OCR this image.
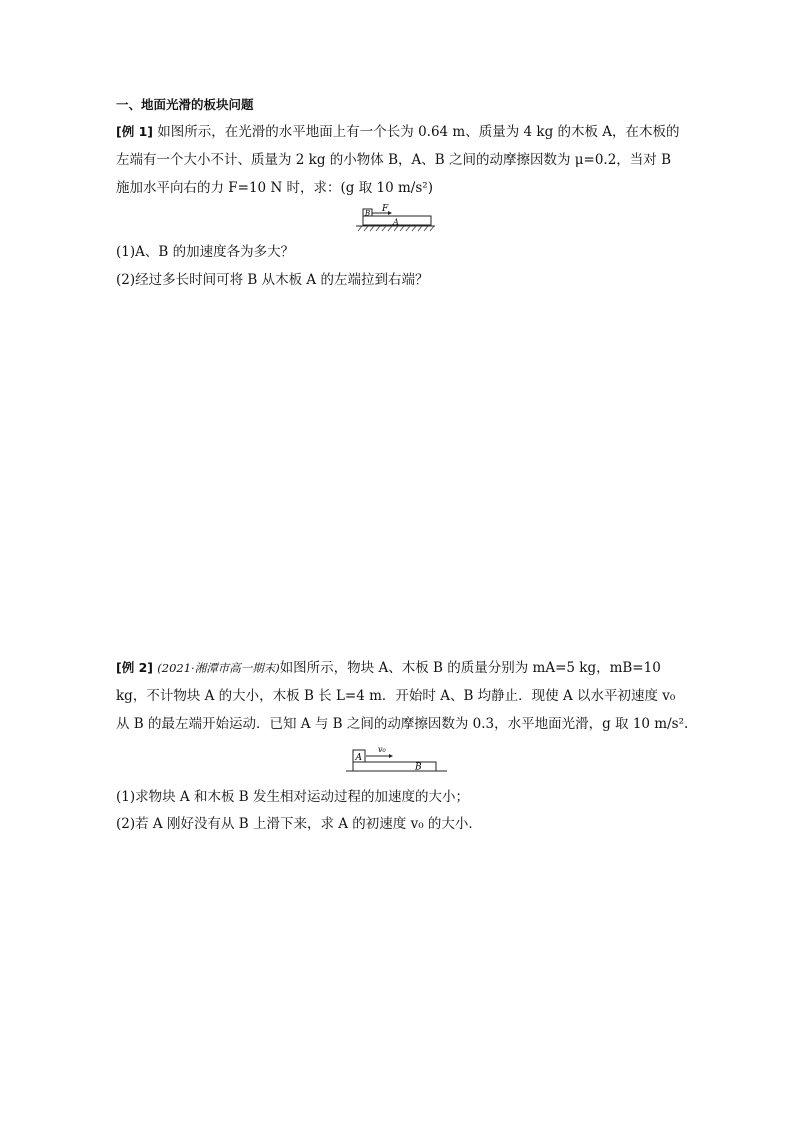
一、地面光滑的板块问题
[例 1] 如图所示，在光滑的水平地面上有一个长为 0.64 m、质量为 4 kg 的木板 A，在木板的
左端有一个大小不计、质量为 2 kg 的小物体 B，A、B 之间的动摩擦因数为 μ=0.2，当对 B
施加水平向右的力 F=10 N 时，求：(g 取 10 m/s²)
B F
A
(1)A、B 的加速度各为多大？
(2)经过多长时间可将 B 从木板 A 的左端拉到右端？
[例 2] (2021·湘潭市高一期末)如图所示，物块 A、木板 B 的质量分别为 mA=5 kg，mB=10
kg，不计物块 A 的大小，木板 B 长 L=4 m．开始时 A、B 均静止．现使 A 以水平初速度 v₀
从 B 的最左端开始运动．已知 A 与 B 之间的动摩擦因数为 0.3，水平地面光滑，g 取 10 m/s².
A
v₀
B
(1)求物块 A 和木板 B 发生相对运动过程的加速度的大小；
(2)若 A 刚好没有从 B 上滑下来，求 A 的初速度 v₀ 的大小．
